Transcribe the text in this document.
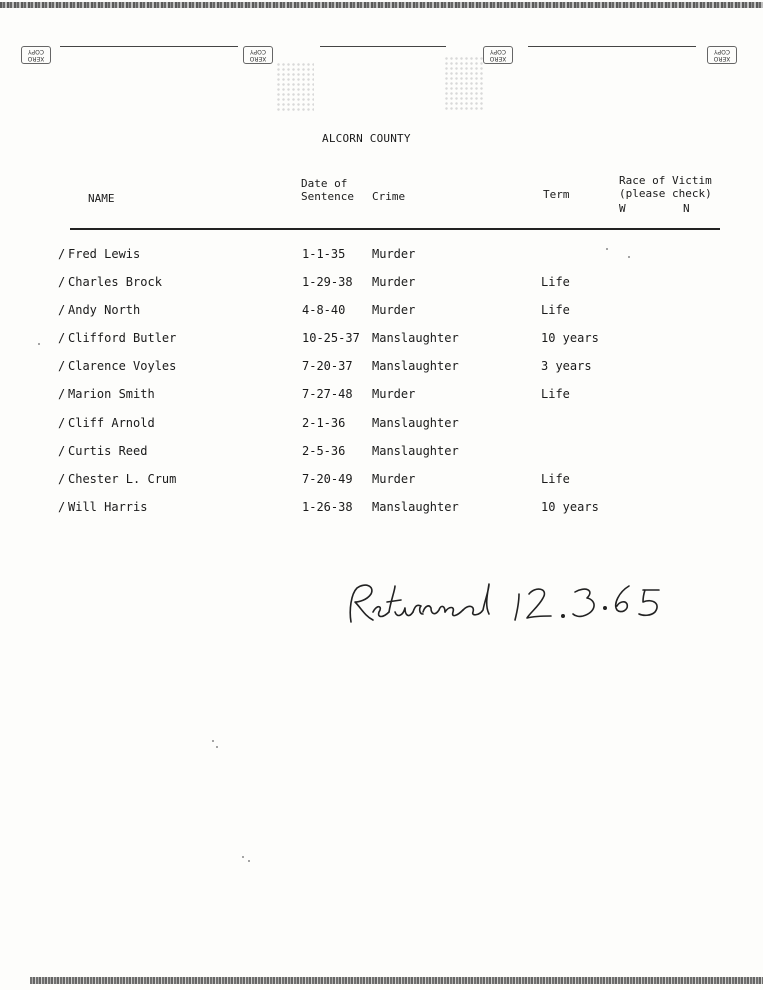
XERO COPY
XERO COPY
XERO COPY
XERO COPY
ALCORN COUNTY
NAME
Date of
Sentence Crime	Term
Race of Victim
(please check)
W	N
/ Fred Lewis	1-1-35 Murder
/ Charles Brock	1-29-38 Murder	Life
/ Andy North	4-8-40 Murder	Life
/ Clifford Butler	10-25-37 Manslaughter	10 years
/ Clarence Voyles	7-20-37 Manslaughter	3 years
/ Marion Smith	7-27-48 Murder	Life
/ Cliff Arnold	2-1-36 Manslaughter
/ Curtis Reed	2-5-36 Manslaughter
/ Chester L. Crum	7-20-49 Murder	Life
/ Will Harris	1-26-38 Manslaughter	10 years
